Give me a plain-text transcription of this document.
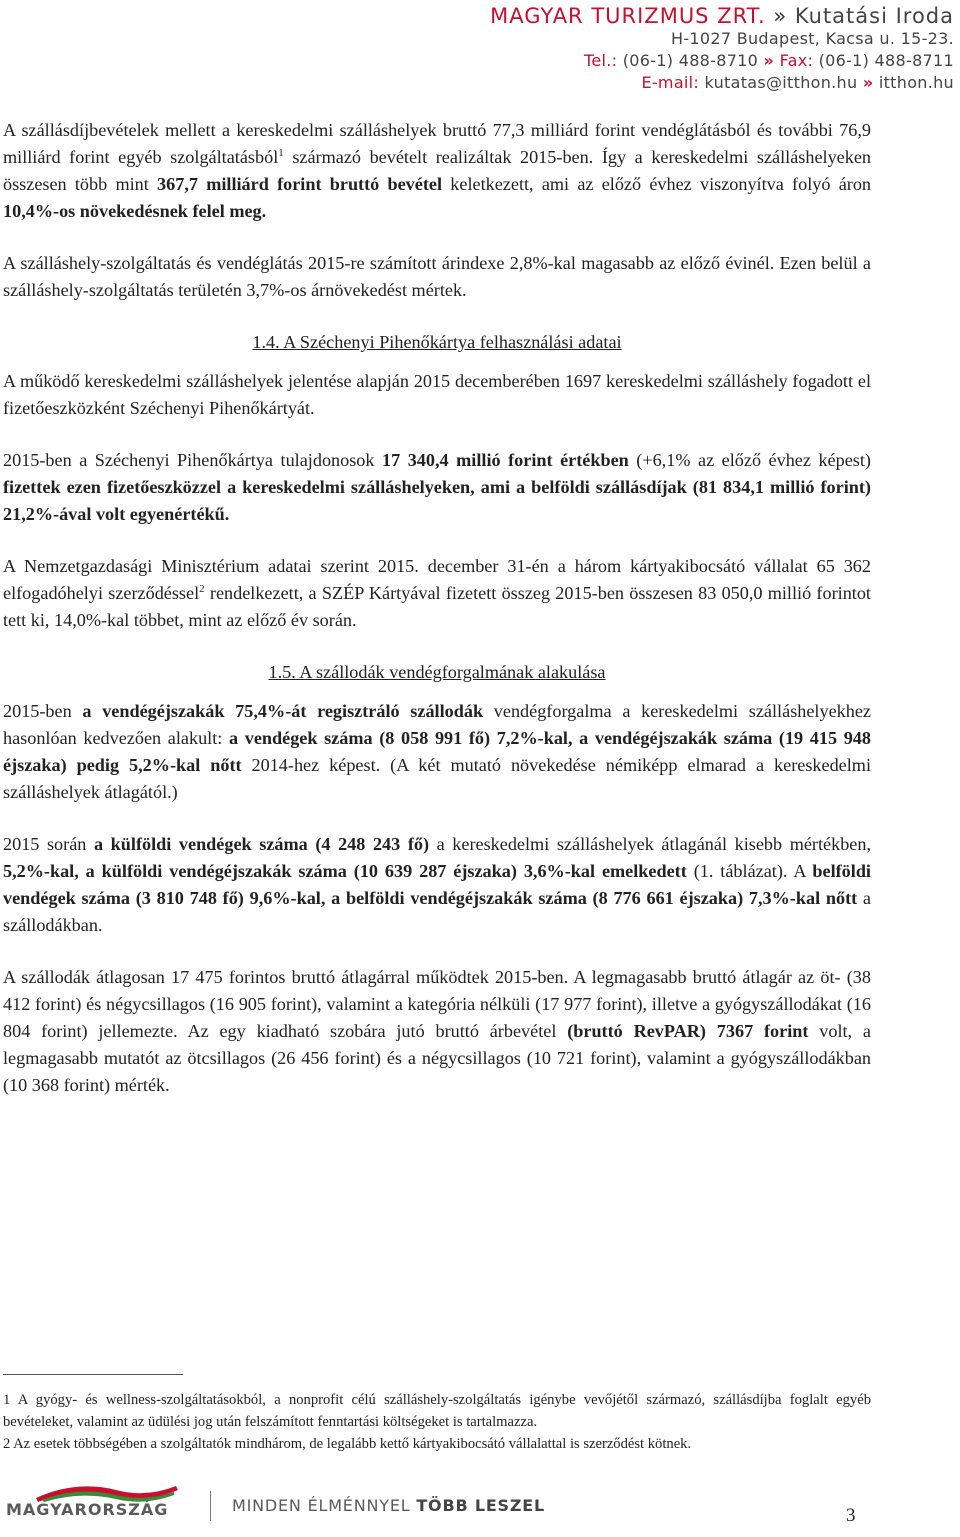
MAGYAR TURIZMUS ZRT. » Kutatási Iroda
H-1027 Budapest, Kacsa u. 15-23.
Tel.: (06-1) 488-8710 » Fax: (06-1) 488-8711
E-mail: kutatas@itthon.hu » itthon.hu

A szállásdíjbevételek mellett a kereskedelmi szálláshelyek bruttó 77,3 milliárd forint vendéglátásból és további 76,9 milliárd forint egyéb szolgáltatásból$^1$ származó bevételt realizáltak 2015-ben. Így a kereskedelmi szálláshelyeken összesen több mint 367,7 milliárd forint bruttó bevétel keletkezett, ami az előző évhez viszonyítva folyó áron 10,4%-os növekedésnek felel meg.

A szálláshely-szolgáltatás és vendéglátás 2015-re számított árindexe 2,8%-kal magasabb az előző évinél. Ezen belül a szálláshely-szolgáltatás területén 3,7%-os árnövekedést mértek.

1.4. A Széchenyi Pihenőkártya felhasználási adatai

A működő kereskedelmi szálláshelyek jelentése alapján 2015 decemberében 1697 kereskedelmi szálláshely fogadott el fizetőeszközként Széchenyi Pihenőkártyát.

2015-ben a Széchenyi Pihenőkártya tulajdonosok 17 340,4 millió forint értékben (+6,1% az előző évhez képest) fizettek ezen fizetőeszközzel a kereskedelmi szálláshelyeken, ami a belföldi szállásdíjak (81 834,1 millió forint) 21,2%-ával volt egyenértékű.

A Nemzetgazdasági Minisztérium adatai szerint 2015. december 31-én a három kártyakibocsátó vállalat 65 362 elfogadóhelyi szerződéssel$^2$ rendelkezett, a SZÉP Kártyával fizetett összeg 2015-ben összesen 83 050,0 millió forintot tett ki, 14,0%-kal többet, mint az előző év során.

1.5. A szállodák vendégforgalmának alakulása

2015-ben a vendégéjszakák 75,4%-át regisztráló szállodák vendégforgalma a kereskedelmi szálláshelyekhez hasonlóan kedvezően alakult: a vendégek száma (8 058 991 fő) 7,2%-kal, a vendégéjszakák száma (19 415 948 éjszaka) pedig 5,2%-kal nőtt 2014-hez képest. (A két mutató növekedése némiképp elmarad a kereskedelmi szálláshelyek átlagától.)

2015 során a külföldi vendégek száma (4 248 243 fő) a kereskedelmi szálláshelyek átlagánál kisebb mértékben, 5,2%-kal, a külföldi vendégéjszakák száma (10 639 287 éjszaka) 3,6%-kal emelkedett (1. táblázat). A belföldi vendégek száma (3 810 748 fő) 9,6%-kal, a belföldi vendégéjszakák száma (8 776 661 éjszaka) 7,3%-kal nőtt a szállodákban.

A szállodák átlagosan 17 475 forintos bruttó átlagárral működtek 2015-ben. A legmagasabb bruttó átlagár az öt- (38 412 forint) és négycsillagos (16 905 forint), valamint a kategória nélküli (17 977 forint), illetve a gyógyszállodákat (16 804 forint) jellemezte. Az egy kiadható szobára jutó bruttó árbevétel (bruttó RevPAR) 7367 forint volt, a legmagasabb mutatót az ötcsillagos (26 456 forint) és a négycsillagos (10 721 forint), valamint a gyógyszállodákban (10 368 forint) mérték.

1 A gyógy- és wellness-szolgáltatásokból, a nonprofit célú szálláshely-szolgáltatás igénybe vevőjétől származó, szállásdíjba foglalt egyéb bevételeket, valamint az üdülési jog után felszámított fenntartási költségeket is tartalmazza.

2 Az esetek többségében a szolgáltatók mindhárom, de legalább kettő kártyakibocsátó vállalattal is szerződést kötnek.

MAGYARORSZÁG	MINDEN ÉLMÉNNYEL TÖBB LESZEL	3
